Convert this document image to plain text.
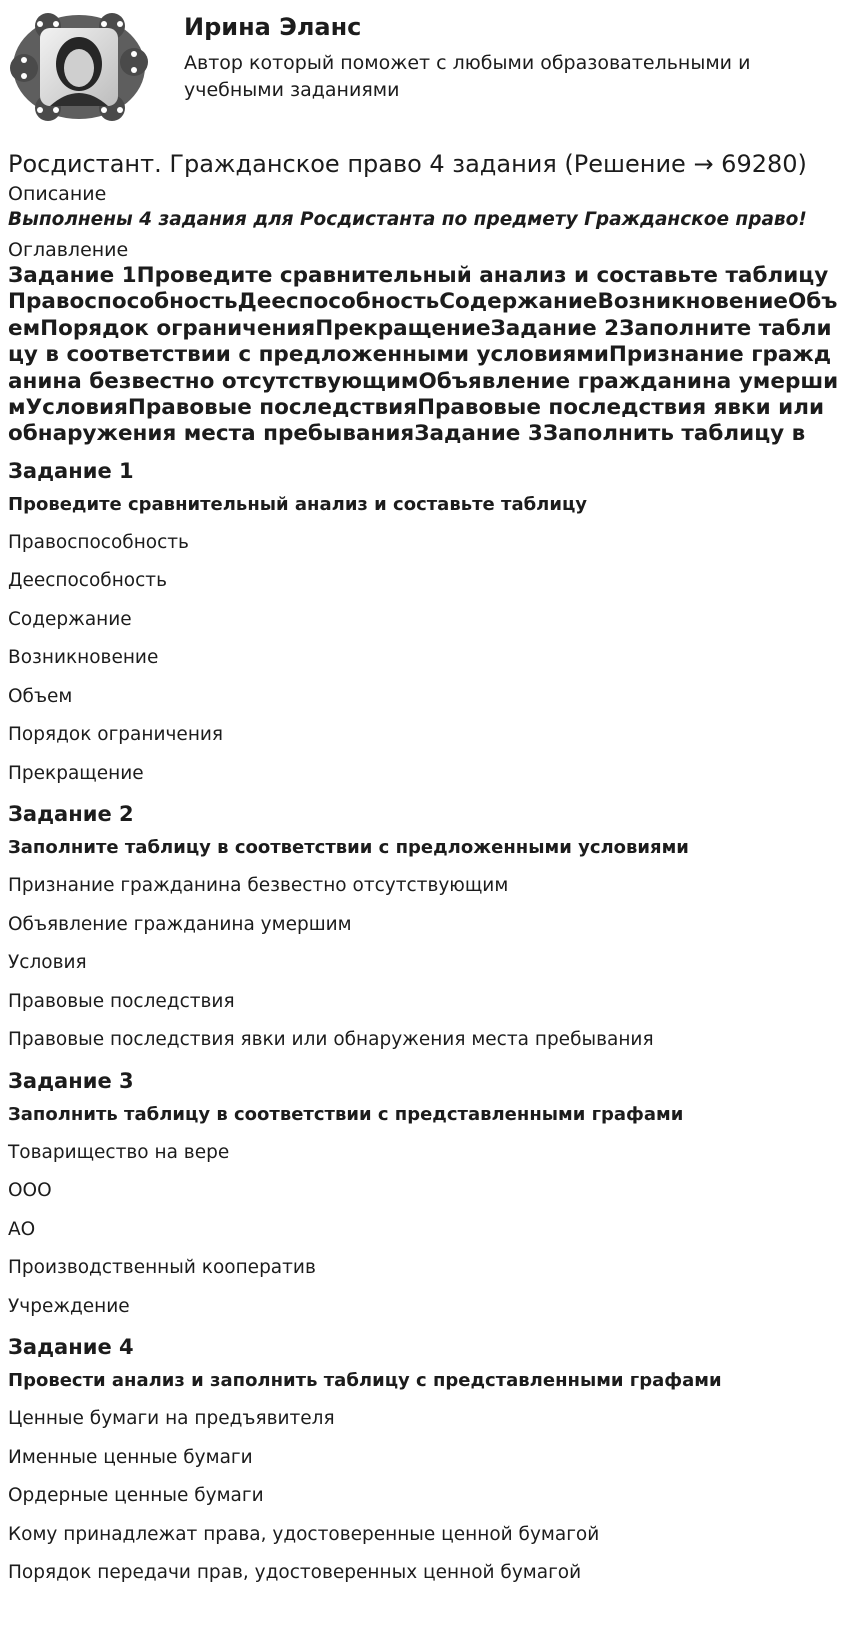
Ирина Эланс

Автор который поможет с любыми образовательными и учебными заданиями

Росдистант. Гражданское право 4 задания (Решение → 69280)

Описание

Выполнены 4 задания для Росдистанта по предмету Гражданское право!

Оглавление

Задание 1Проведите сравнительный анализ и составьте таблицуПравоспособностьДееспособностьСодержаниеВозникновениеОбъемПорядок ограниченияПрекращениеЗадание 2Заполните таблицу в соответствии с предложенными условиямиПризнание гражданина безвестно отсутствующимОбъявление гражданина умершимУсловияПравовые последствияПравовые последствия явки или обнаружения места пребыванияЗадание 3Заполнить таблицу в

Задание 1

Проведите сравнительный анализ и составьте таблицу

Правоспособность

Дееспособность

Содержание

Возникновение

Объем

Порядок ограничения

Прекращение

Задание 2

Заполните таблицу в соответствии с предложенными условиями

Признание гражданина безвестно отсутствующим

Объявление гражданина умершим

Условия

Правовые последствия

Правовые последствия явки или обнаружения места пребывания

Задание 3

Заполнить таблицу в соответствии с представленными графами

Товарищество на вере

ООО

АО

Производственный кооператив

Учреждение

Задание 4

Провести анализ и заполнить таблицу с представленными графами

Ценные бумаги на предъявителя

Именные ценные бумаги

Ордерные ценные бумаги

Кому принадлежат права, удостоверенные ценной бумагой

Порядок передачи прав, удостоверенных ценной бумагой
